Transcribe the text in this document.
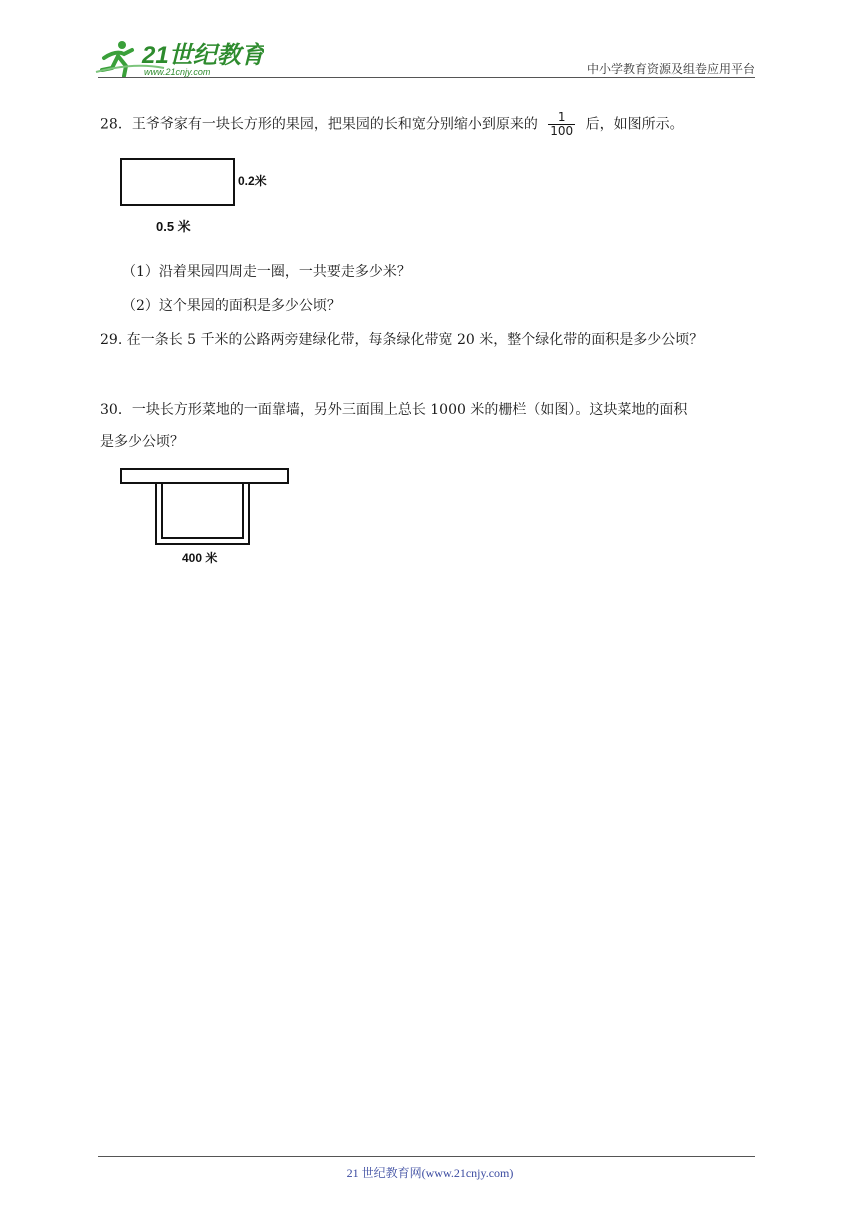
21世纪教育
www.21cnjy.com	中小学教育资源及组卷应用平台
28．王爷爷家有一块长方形的果园，把果园的长和宽分别缩小到原来的 $\frac{1}{100}$ 后，如图所示。
0.2米
0.5 米
（1）沿着果园四周走一圈，一共要走多少米？
（2）这个果园的面积是多少公顷？
29. 在一条长 5 千米的公路两旁建绿化带，每条绿化带宽 20 米，整个绿化带的面积是多少公顷？
30．一块长方形菜地的一面靠墙，另外三面围上总长 1000 米的栅栏（如图）。这块菜地的面积
是多少公顷？
400 米
21 世纪教育网(www.21cnjy.com)
